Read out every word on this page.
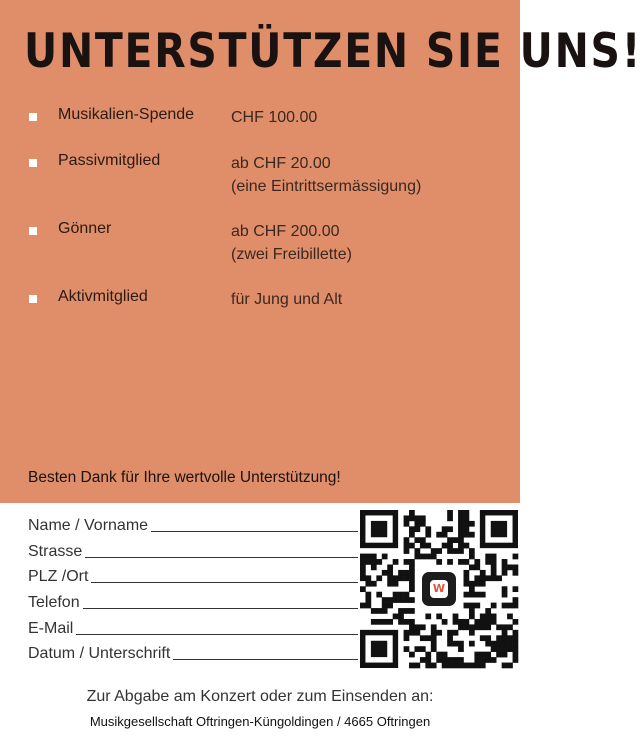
UNTERSTÜTZEN SIE UNS!
Musikalien-Spende CHF 100.00
Passivmitglied	ab CHF 20.00
(eine Eintrittsermässigung)
Gönner	ab CHF 200.00
(zwei Freibillette)
Aktivmitglied	für Jung und Alt
Besten Dank für Ihre wertvolle Unterstützung!
Name / Vorname
Strasse
PLZ /Ort
Telefon
E-Mail
Datum / Unterschrift
W
Zur Abgabe am Konzert oder zum Einsenden an:
Musikgesellschaft Oftringen-Küngoldingen / 4665 Oftringen
